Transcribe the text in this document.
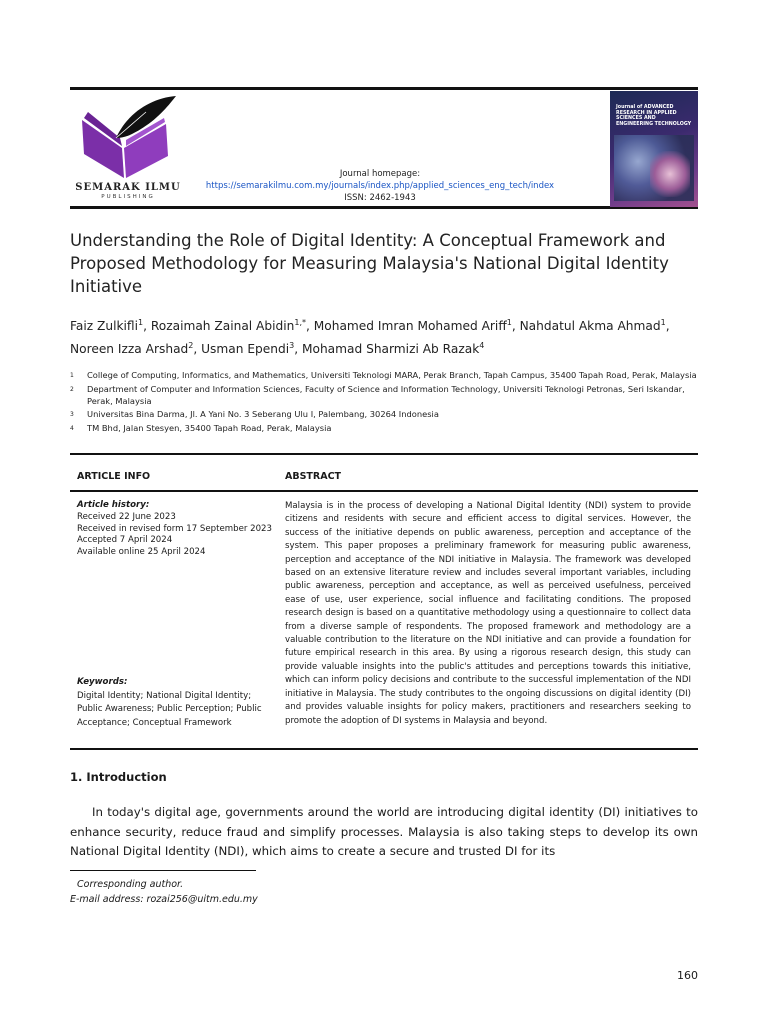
SEMARAK ILMU
PUBLISHING
Journal homepage:
https://semarakilmu.com.my/journals/index.php/applied_sciences_eng_tech/index
ISSN: 2462-1943
Journal of ADVANCED RESEARCH IN APPLIED SCIENCES AND ENGINEERING TECHNOLOGY
Understanding the Role of Digital Identity: A Conceptual Framework and Proposed Methodology for Measuring Malaysia's National Digital Identity Initiative
Faiz Zulkifli$^1$, Rozaimah Zainal Abidin$^{1,*}$, Mohamed Imran Mohamed Ariff$^1$, Nahdatul Akma Ahmad$^1$,
Noreen Izza Arshad$^2$, Usman Ependi$^3$, Mohamad Sharmizi Ab Razak$^4$
1	College of Computing, Informatics, and Mathematics, Universiti Teknologi MARA, Perak Branch, Tapah Campus, 35400 Tapah Road, Perak, Malaysia
2	Department of Computer and Information Sciences, Faculty of Science and Information Technology, Universiti Teknologi Petronas, Seri Iskandar, Perak, Malaysia
3	Universitas Bina Darma, Jl. A Yani No. 3 Seberang Ulu I, Palembang, 30264 Indonesia
4	TM Bhd, Jalan Stesyen, 35400 Tapah Road, Perak, Malaysia
ARTICLE INFO	ABSTRACT
Article history:
Received 22 June 2023
Received in revised form 17 September 2023
Accepted 7 April 2024
Available online 25 April 2024
Keywords:
Digital Identity; National Digital Identity; Public Awareness; Public Perception; Public Acceptance; Conceptual Framework
Malaysia is in the process of developing a National Digital Identity (NDI) system to provide citizens and residents with secure and efficient access to digital services. However, the success of the initiative depends on public awareness, perception and acceptance of the system. This paper proposes a preliminary framework for measuring public awareness, perception and acceptance of the NDI initiative in Malaysia. The framework was developed based on an extensive literature review and includes several important variables, including public awareness, perception and acceptance, as well as perceived usefulness, perceived ease of use, user experience, social influence and facilitating conditions. The proposed research design is based on a quantitative methodology using a questionnaire to collect data from a diverse sample of respondents. The proposed framework and methodology are a valuable contribution to the literature on the NDI initiative and can provide a foundation for future empirical research in this area. By using a rigorous research design, this study can provide valuable insights into the public's attitudes and perceptions towards this initiative, which can inform policy decisions and contribute to the successful implementation of the NDI initiative in Malaysia. The study contributes to the ongoing discussions on digital identity (DI) and provides valuable insights for policy makers, practitioners and researchers seeking to promote the adoption of DI systems in Malaysia and beyond.
1. Introduction
In today's digital age, governments around the world are introducing digital identity (DI) initiatives to enhance security, reduce fraud and simplify processes. Malaysia is also taking steps to develop its own National Digital Identity (NDI), which aims to create a secure and trusted DI for its
Corresponding author.
E-mail address: rozai256@uitm.edu.my
160
